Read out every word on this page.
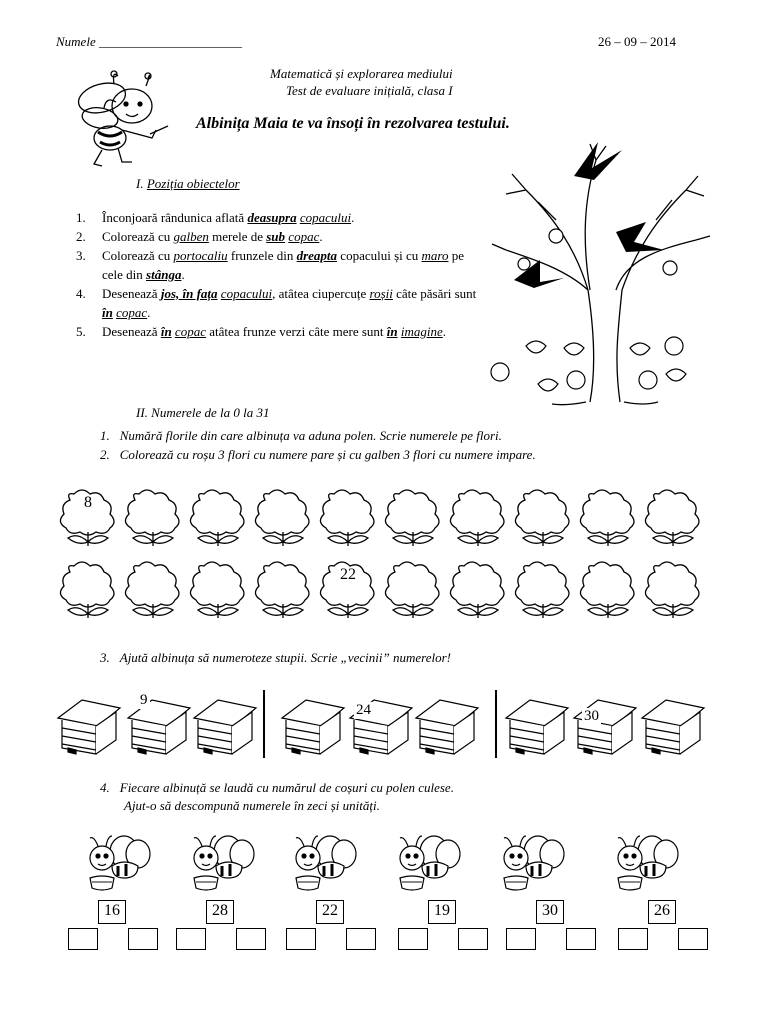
Numele ______________________	26 – 09 – 2014
Matematică și explorarea mediului
Test de evaluare inițială, clasa I
Albinița Maia te va însoți în rezolvarea testului.
I. Poziția obiectelor
1. Înconjoară rândunica aflată deasupra copacului.
2. Colorează cu galben merele de sub copac.
3. Colorează cu portocaliu frunzele din dreapta copacului și cu maro pe cele din stânga.
4. Desenează jos, în fața copacului, atâtea ciupercuțe roșii câte păsări sunt în copac.
5. Desenează în copac atâtea frunze verzi câte mere sunt în imagine.
II. Numerele de la 0 la 31
1. Numără florile din care albinuța va aduna polen. Scrie numerele pe flori.
2. Colorează cu roșu 3 flori cu numere pare și cu galben 3 flori cu numere impare.
8
22
3. Ajută albinuța să numeroteze stupii. Scrie „vecinii” numerelor!
9
24	30
4. Fiecare albinuță se laudă cu numărul de coșuri cu polen culese.
Ajut-o să descompună numerele în zeci și unități.
16	28	22	19	30	26
